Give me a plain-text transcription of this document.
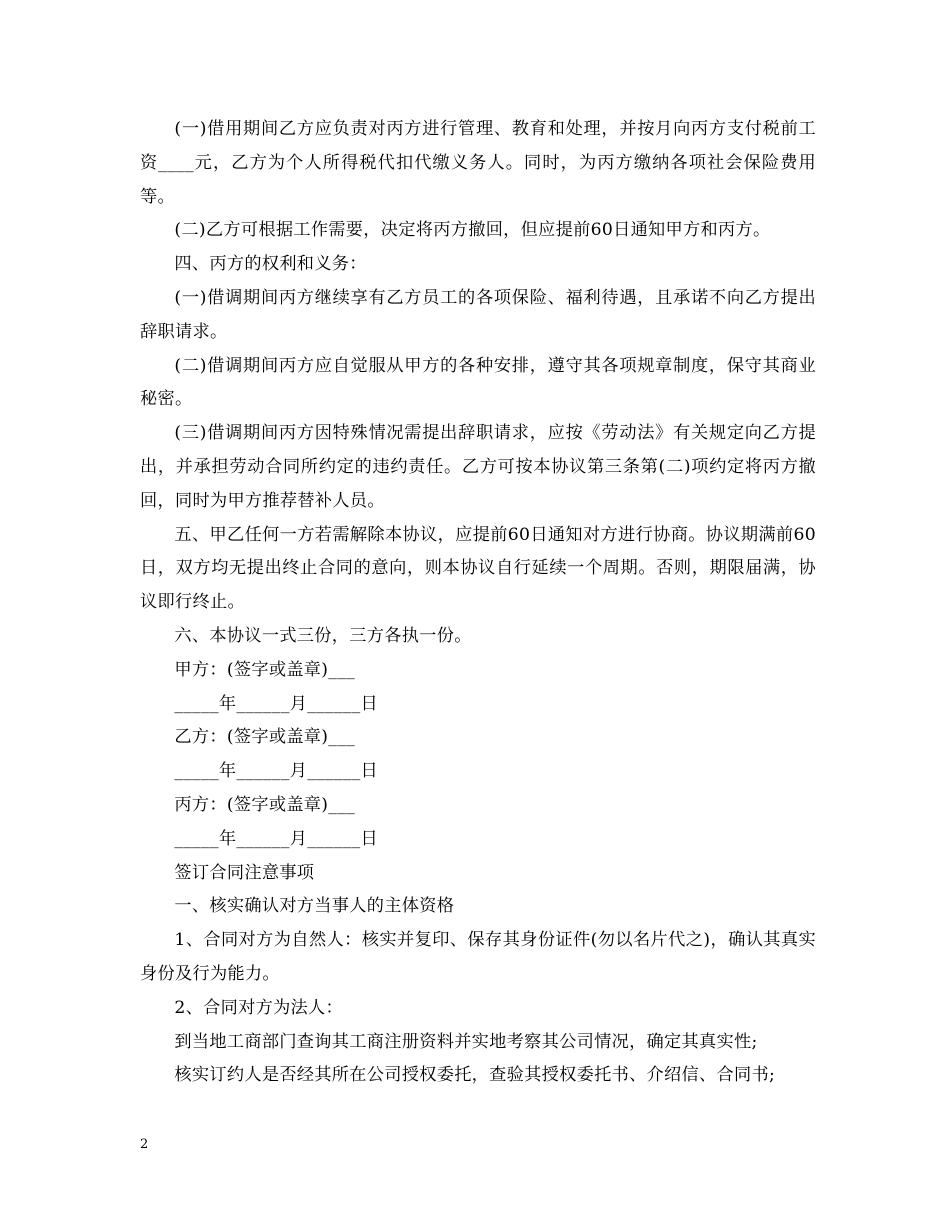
(一)借用期间乙方应负责对丙方进行管理、教育和处理，并按月向丙方支付税前工资____元，乙方为个人所得税代扣代缴义务人。同时，为丙方缴纳各项社会保险费用等。

(二)乙方可根据工作需要，决定将丙方撤回，但应提前60日通知甲方和丙方。

四、丙方的权利和义务：

(一)借调期间丙方继续享有乙方员工的各项保险、福利待遇，且承诺不向乙方提出辞职请求。

(二)借调期间丙方应自觉服从甲方的各种安排，遵守其各项规章制度，保守其商业秘密。

(三)借调期间丙方因特殊情况需提出辞职请求，应按《劳动法》有关规定向乙方提出，并承担劳动合同所约定的违约责任。乙方可按本协议第三条第(二)项约定将丙方撤回，同时为甲方推荐替补人员。

五、甲乙任何一方若需解除本协议，应提前60日通知对方进行协商。协议期满前60日，双方均无提出终止合同的意向，则本协议自行延续一个周期。否则，期限届满，协议即行终止。

六、本协议一式三份，三方各执一份。

甲方：(签字或盖章)___

_____年______月______日

乙方：(签字或盖章)___

_____年______月______日

丙方：(签字或盖章)___

_____年______月______日

签订合同注意事项

一、核实确认对方当事人的主体资格

1、合同对方为自然人：核实并复印、保存其身份证件(勿以名片代之)，确认其真实身份及行为能力。

2、合同对方为法人：

到当地工商部门查询其工商注册资料并实地考察其公司情况，确定其真实性;

核实订约人是否经其所在公司授权委托，查验其授权委托书、介绍信、合同书;

2
